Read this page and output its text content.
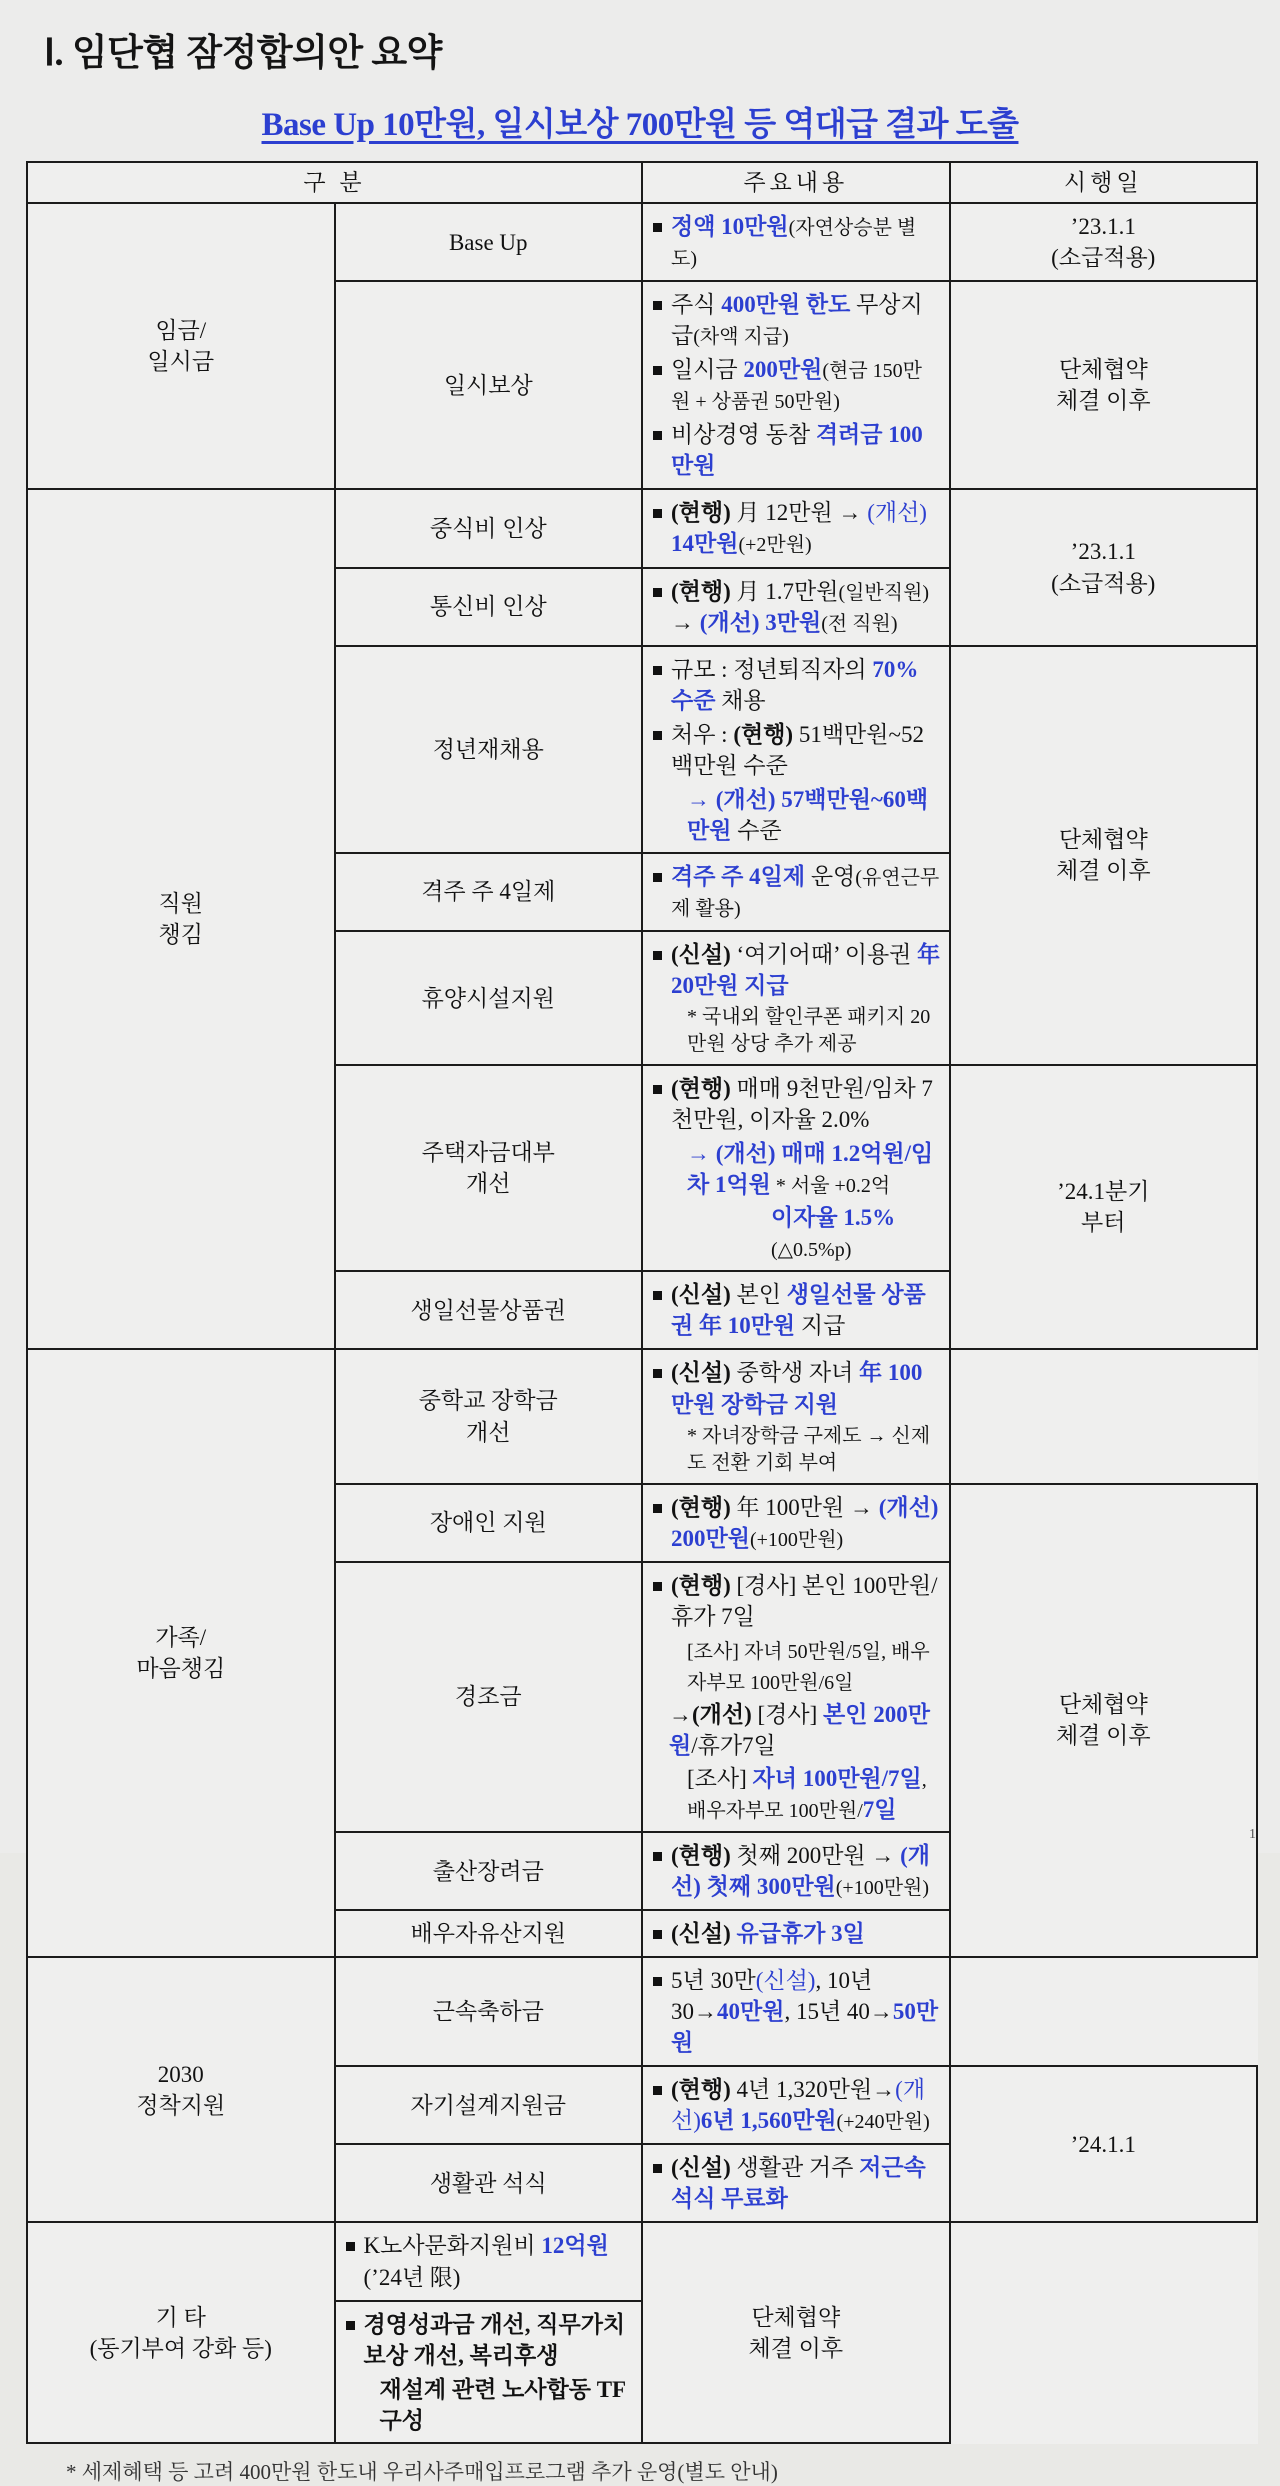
Ⅰ. 임단협 잠정합의안 요약
Base Up 10만원, 일시보상 700만원 등 역대급 결과 도출
구 분		주요내용	시행일
임금/
일시금	Base Up	정액 10만원(자연상승분 별도)	’23.1.1
(소급적용)
	일시보상	주식 400만원 한도 무상지급(차액 지급)
일시금 200만원(현금 150만원 + 상품권 50만원)
비상경영 동참 격려금 100만원	단체협약
체결 이후
직원
챙김	중식비 인상	(현행) 月 12만원 → (개선) 14만원(+2만원)	’23.1.1
(소급적용)
	통신비 인상	(현행) 月 1.7만원(일반직원) → (개선) 3만원(전 직원)	

	정년재채용	규모 : 정년퇴직자의 70% 수준 채용
처우 : (현행) 51백만원~52백만원 수준
→ (개선) 57백만원~60백만원 수준	단체협약
체결 이후
	격주 주 4일제	격주 주 4일제 운영(유연근무제 활용)	

	휴양시설지원	(신설) ‘여기어때’ 이용권 年 20만원 지급
* 국내외 할인쿠폰 패키지 20만원 상당 추가 제공	

	주택자금대부
개선	(현행) 매매 9천만원/임차 7천만원, 이자율 2.0%
→ (개선) 매매 1.2억원/임차 1억원 * 서울 +0.2억
이자율 1.5%(△0.5%p)	’24.1분기
부터
	생일선물상품권	(신설) 본인 생일선물 상품권 年 10만원 지급	

가족/
마음챙김	중학교 장학금
개선	(신설) 중학생 자녀 年 100만원 장학금 지원
* 자녀장학금 구제도 → 신제도 전환 기회 부여	

	장애인 지원	(현행) 年 100만원 → (개선) 200만원(+100만원)	단체협약
체결 이후
	경조금	(현행) [경사] 본인 100만원/휴가 7일
[조사] 자녀 50만원/5일, 배우자부모 100만원/6일
→(개선) [경사] 본인 200만원/휴가7일
[조사] 자녀 100만원/7일, 배우자부모 100만원/7일	

	출산장려금	(현행) 첫째 200만원 → (개선) 첫째 300만원(+100만원)	

	배우자유산지원	(신설) 유급휴가 3일	

2030
정착지원	근속축하금	5년 30만(신설), 10년 30→40만원, 15년 40→50만원	

	자기설계지원금	(현행) 4년 1,320만원→(개선)6년 1,560만원(+240만원)	’24.1.1
	생활관 석식	(신설) 생활관 거주 저근속 석식 무료화	

기 타
(동기부여 강화 등)	K노사문화지원비 12억원(’24년 限)	단체협약
체결 이후	

	경영성과금 개선, 직무가치 보상 개선, 복리후생
재설계 관련 노사합동 TF 구성		
* 세제혜택 등 고려 400만원 한도내 우리사주매입프로그램 추가 운영(별도 안내)
1
